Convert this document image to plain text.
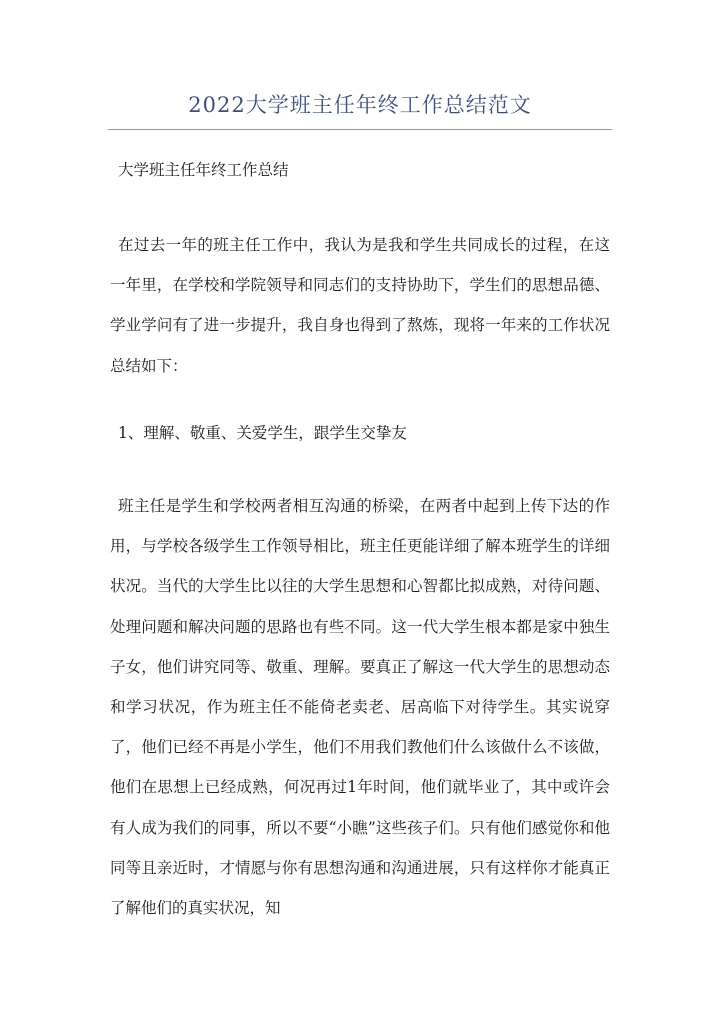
2022大学班主任年终工作总结范文

大学班主任年终工作总结

在过去一年的班主任工作中，我认为是我和学生共同成长的过程，在这一年里，在学校和学院领导和同志们的支持协助下，学生们的思想品德、学业学问有了进一步提升，我自身也得到了熬炼，现将一年来的工作状况总结如下：

1、理解、敬重、关爱学生，跟学生交挚友

班主任是学生和学校两者相互沟通的桥梁，在两者中起到上传下达的作用，与学校各级学生工作领导相比，班主任更能详细了解本班学生的详细状况。当代的大学生比以往的大学生思想和心智都比拟成熟，对待问题、处理问题和解决问题的思路也有些不同。这一代大学生根本都是家中独生子女，他们讲究同等、敬重、理解。要真正了解这一代大学生的思想动态和学习状况，作为班主任不能倚老卖老、居高临下对待学生。其实说穿了，他们已经不再是小学生，他们不用我们教他们什么该做什么不该做，他们在思想上已经成熟，何况再过1年时间，他们就毕业了，其中或许会有人成为我们的同事，所以不要“小瞧”这些孩子们。只有他们感觉你和他同等且亲近时，才情愿与你有思想沟通和沟通进展，只有这样你才能真正了解他们的真实状况，知
